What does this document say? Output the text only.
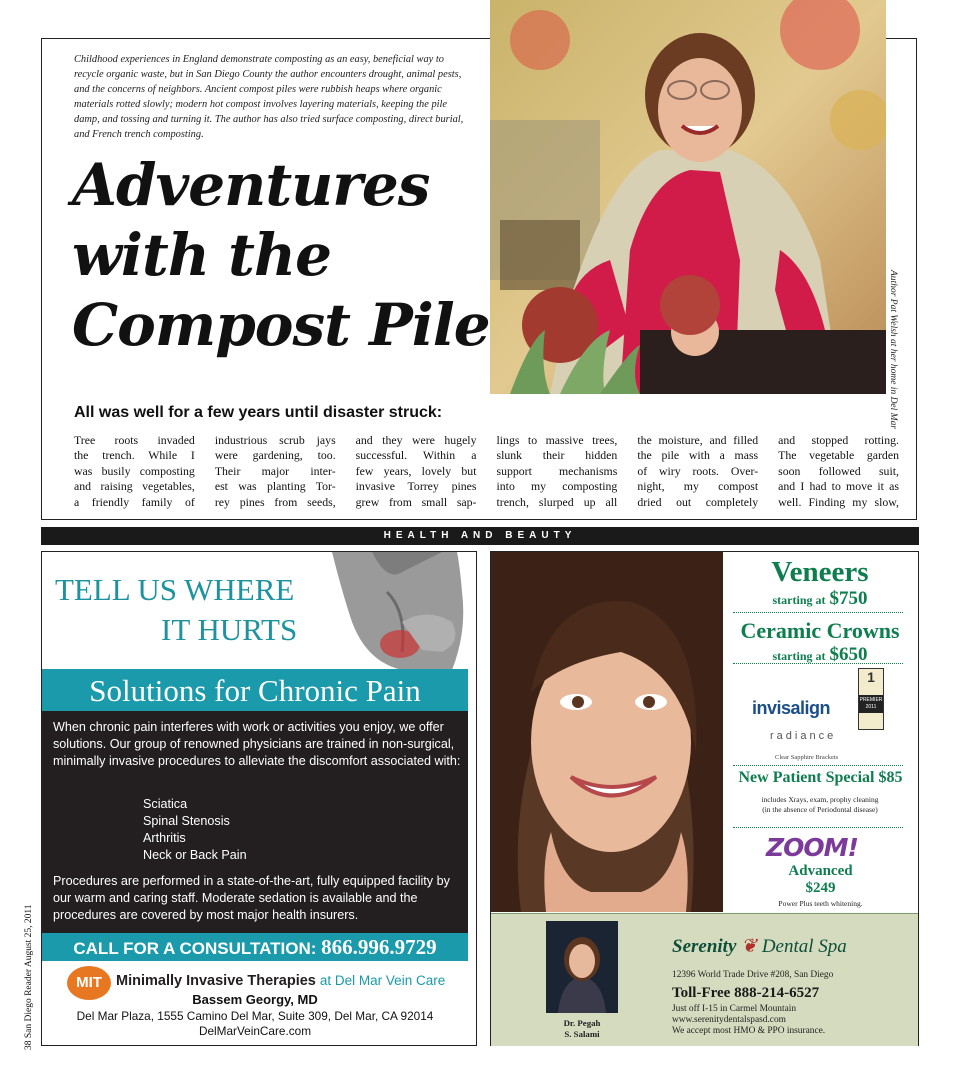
Childhood experiences in England demonstrate composting as an easy, beneficial way to recycle organic waste, but in San Diego County the author encounters drought, animal pests, and the concerns of neighbors. Ancient compost piles were rubbish heaps where organic materials rotted slowly; modern hot compost involves layering materials, keeping the pile damp, and tossing and turning it. The author has also tried surface composting, direct burial, and French trench composting.

Adventures
with the
Compost Pile	Author Pat Welsh at her home in Del Mar
All was well for a few years until disaster struck:
Tree roots invaded
the trench. While I
was busily composting
and raising vegetables,
a friendly family of
industrious scrub jays
were gardening, too.
Their major inter-
est was planting Tor-
rey pines from seeds,
and they were hugely
successful. Within a
few years, lovely but
invasive Torrey pines
grew from small sap-
lings to massive trees,
slunk their hidden
support mechanisms
into my composting
trench, slurped up all
the moisture, and filled
the pile with a mass
of wiry roots. Over-
night, my compost
dried out completely
and stopped rotting.
The vegetable garden
soon followed suit,
and I had to move it as
well. Finding my slow,
HEALTH AND BEAUTY
38 San Diego Reader August 25, 2011
TELL US WHERE
IT HURTS
Solutions for Chronic Pain

When chronic pain interferes with work or activities you enjoy, we offer solutions. Our group of renowned physicians are trained in non-surgical, minimally invasive procedures to alleviate the discomfort associated with:

Sciatica
Spinal Stenosis
Arthritis
Neck or Back Pain

Procedures are performed in a state-of-the-art, fully equipped facility by our warm and caring staff. Moderate sedation is available and the procedures are covered by most major health insurers.

CALL FOR A CONSULTATION: 866.996.9729
MIT Minimally Invasive Therapies at Del Mar Vein Care
Bassem Georgy, MD
Del Mar Plaza, 1555 Camino Del Mar, Suite 309, Del Mar, CA 92014
DelMarVeinCare.com
Veneers
starting at $750
Ceramic Crowns
starting at $650
invisalign
radiance
Clear Sapphire Brackets
1
PREMIER 2011
New Patient Special $85
includes Xrays, exam, prophy cleaning (in the absence of Periodontal disease)
ZOOM!
Advanced
$249
Power Plus teeth whitening.
Dr. Pegah
S. Salami
Serenity ❦ Dental Spa
12396 World Trade Drive #208, San Diego
Toll-Free 888-214-6527
Just off I-15 in Carmel Mountain
www.serenitydentalspasd.com
We accept most HMO & PPO insurance.
